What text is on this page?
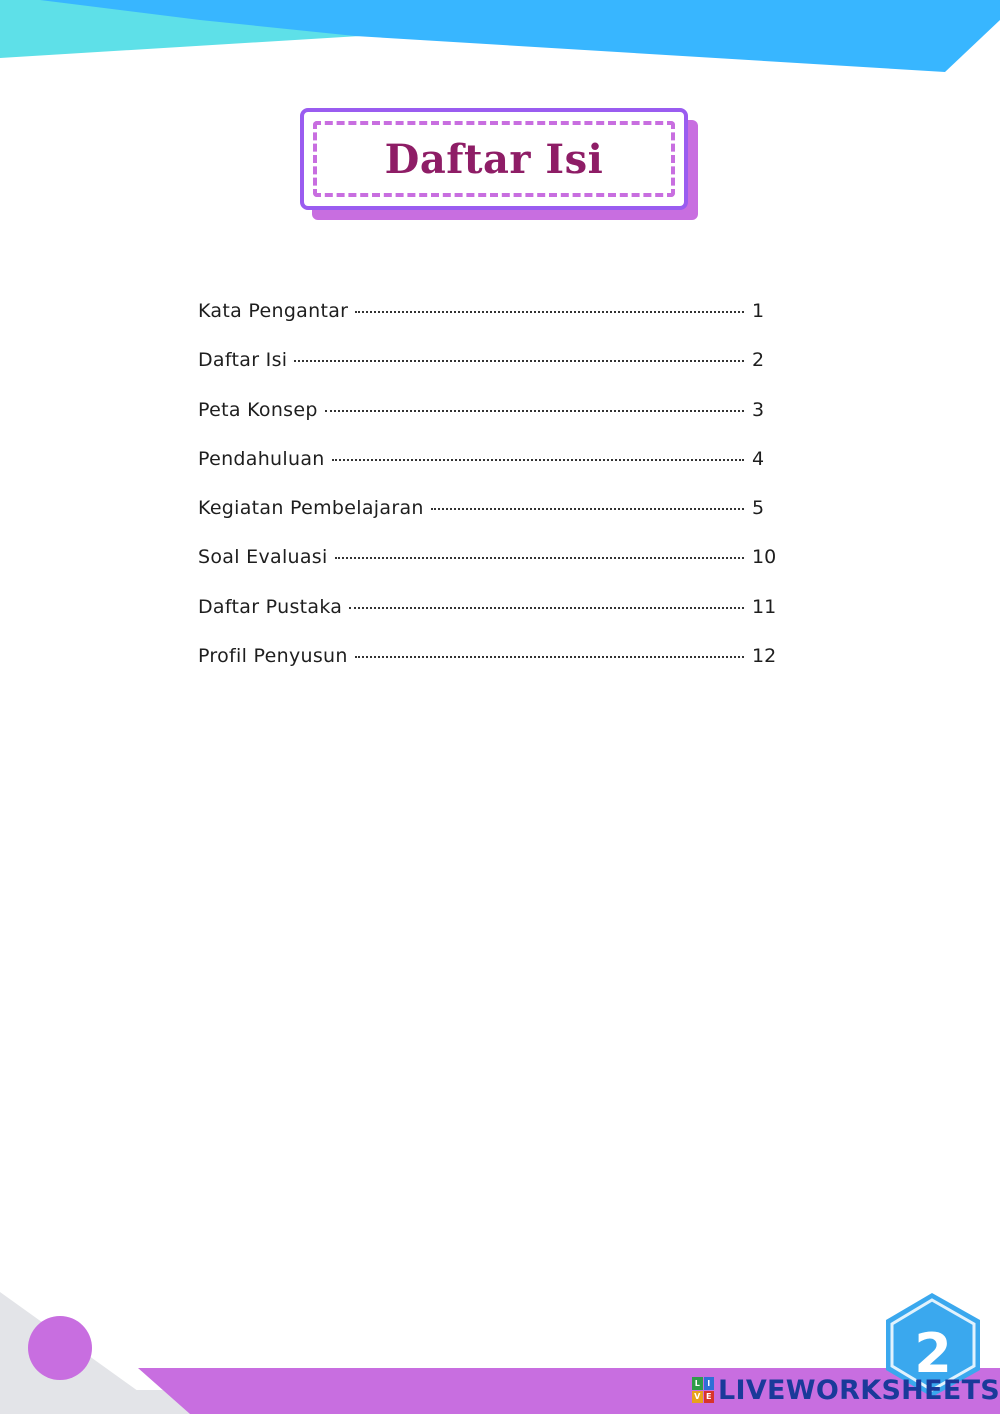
2
Daftar Isi
Kata Pengantar	1
Daftar Isi	2
Peta Konsep	3
Pendahuluan	4
Kegiatan Pembelajaran	5
Soal Evaluasi	10
Daftar Pustaka	11
Profil Penyusun	12
L I
V E LIVEWORKSHEETS
